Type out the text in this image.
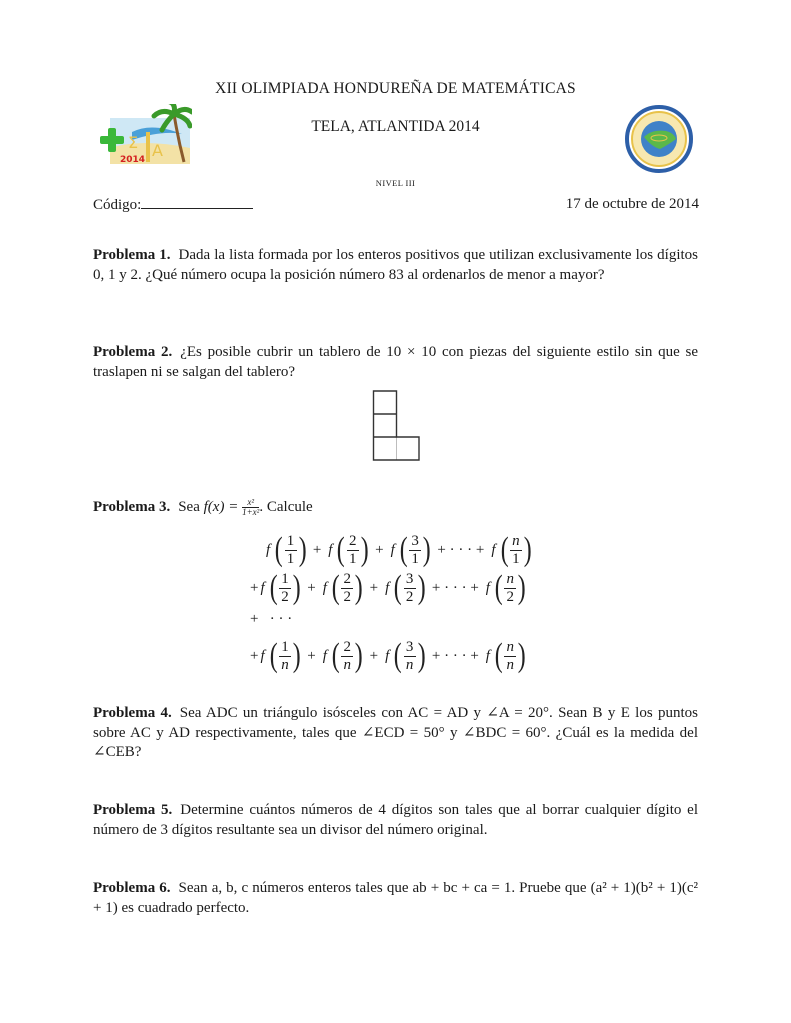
Σ A
2014
XII OLIMPIADA HONDUREÑA DE MATEMÁTICAS
TELA, ATLANTIDA 2014
NIVEL III
Código:	17 de octubre de 2014
Problema 1. Dada la lista formada por los enteros positivos que utilizan exclusivamente los dígitos 0, 1 y 2. ¿Qué número ocupa la posición número 83 al ordenarlos de menor a mayor?
Problema 2. ¿Es posible cubrir un tablero de 10 × 10 con piezas del siguiente estilo sin que se traslapen ni se salgan del tablero?
Problema 3. Sea $f(x) = \frac{\text{x²}}{\text{1+x²}}$ . Calcule
f ( $\frac{1}{1}$ ) + f ( $\frac{2}{1}$ ) + f ( $\frac{3}{1}$ ) + · · · + f ( $\frac{n}{1}$ )
+ f ( $\frac{1}{2}$ ) + f ( $\frac{2}{2}$ ) + f ( $\frac{3}{2}$ ) + · · · + f ( $\frac{n}{2}$ )
+ f ( $\frac{1}{n}$ ) + f ( $\frac{2}{n}$ ) + f ( $\frac{3}{n}$ ) + · · · + f ( $\frac{n}{n}$ )
+   · · ·
Problema 4. Sea ADC un triángulo isósceles con AC = AD y ∠A = 20°. Sean B y E los puntos sobre AC y AD respectivamente, tales que ∠ECD = 50° y ∠BDC = 60°. ¿Cuál es la medida del ∠CEB?
Problema 5. Determine cuántos números de 4 dígitos son tales que al borrar cualquier dígito el número de 3 dígitos resultante sea un divisor del número original.
Problema 6. Sean a, b, c números enteros tales que ab + bc + ca = 1. Pruebe que (a² + 1)(b² + 1)(c² + 1) es cuadrado perfecto.
